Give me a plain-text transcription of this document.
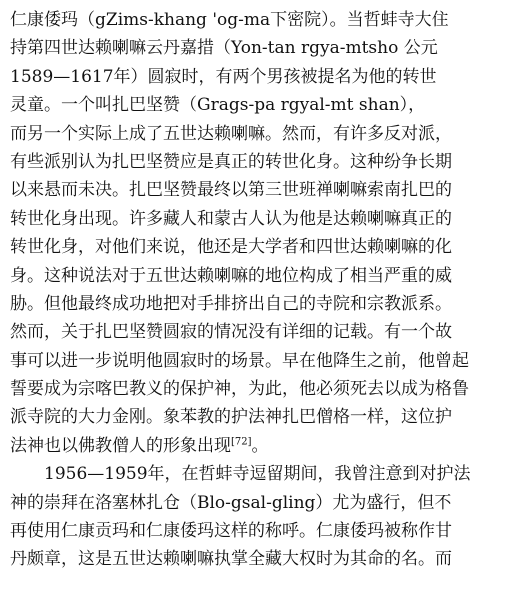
仁康倭玛（gZims-khang 'og-ma下密院）。当哲蚌寺大住
持第四世达赖喇嘛云丹嘉措（Yon-tan rgya-mtsho 公元
1589—1617年）圆寂时，有两个男孩被提名为他的转世
灵童。一个叫扎巴坚赞（Grags-pa rgyal-mt shan），
而另一个实际上成了五世达赖喇嘛。然而，有许多反对派，
有些派别认为扎巴坚赞应是真正的转世化身。这种纷争长期
以来悬而未决。扎巴坚赞最终以第三世班禅喇嘛索南扎巴的
转世化身出现。许多藏人和蒙古人认为他是达赖喇嘛真正的
转世化身，对他们来说，他还是大学者和四世达赖喇嘛的化
身。这种说法对于五世达赖喇嘛的地位构成了相当严重的威
胁。但他最终成功地把对手排挤出自己的寺院和宗教派系。
然而，关于扎巴坚赞圆寂的情况没有详细的记载。有一个故
事可以进一步说明他圆寂时的场景。早在他降生之前，他曾起
誓要成为宗喀巴教义的保护神，为此，他必须死去以成为格鲁
派寺院的大力金刚。象苯教的护法神扎巴僧格一样，这位护
法神也以佛教僧人的形象出现[72]。
1956—1959年，在哲蚌寺逗留期间，我曾注意到对护法
神的崇拜在洛塞林扎仓（Blo-gsal-gling）尤为盛行，但不
再使用仁康贡玛和仁康倭玛这样的称呼。仁康倭玛被称作甘
丹颇章，这是五世达赖喇嘛执掌全藏大权时为其命的名。而
